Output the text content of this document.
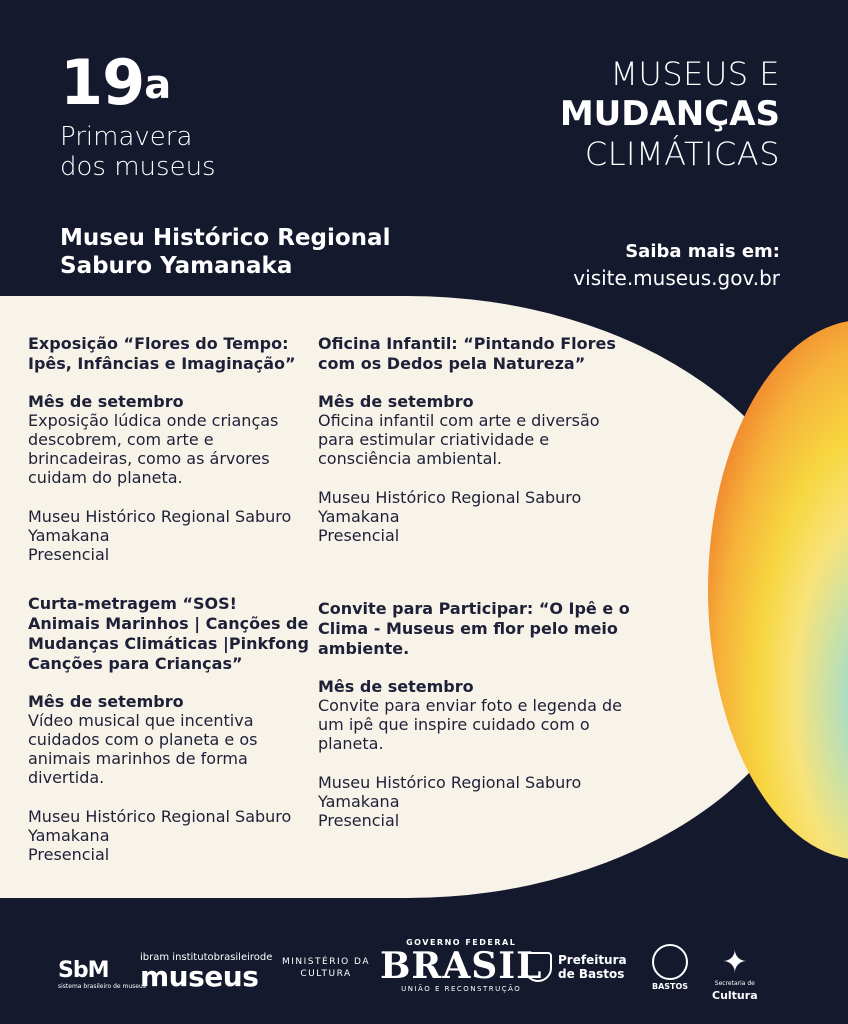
19$^a$
Primavera
dos museus
Museu Histórico Regional
Saburo Yamanaka
MUSEUS E
MUDANÇAS
CLIMÁTICAS
Saiba mais em:
visite.museus.gov.br
Exposição “Flores do Tempo: Ipês, Infâncias e Imaginação”
Mês de setembro
Exposição lúdica onde crianças descobrem, com arte e brincadeiras, como as árvores cuidam do planeta.
Museu Histórico Regional Saburo Yamakana
Presencial
Curta-metragem “SOS! Animais Marinhos | Canções de Mudanças Climáticas |Pinkfong Canções para Crianças”
Mês de setembro
Vídeo musical que incentiva cuidados com o planeta e os animais marinhos de forma divertida.
Museu Histórico Regional Saburo Yamakana
Presencial
Oficina Infantil: “Pintando Flores com os Dedos pela Natureza”
Mês de setembro
Oficina infantil com arte e diversão para estimular criatividade e consciência ambiental.
Museu Histórico Regional Saburo Yamakana
Presencial
Convite para Participar: “O Ipê e o Clima - Museus em flor pelo meio ambiente.
Mês de setembro
Convite para enviar foto e legenda de um ipê que inspire cuidado com o planeta.
Museu Histórico Regional Saburo Yamakana
Presencial
SbM
sistema brasileiro de museus
ibram institutobrasileirode
museus	MINISTÉRIO DA
CULTURA
GOVERNO FEDERAL
BRASIL
UNIÃO E RECONSTRUÇÃO
Prefeitura
de Bastos
BASTOS
✦
Secretaria de
Cultura
